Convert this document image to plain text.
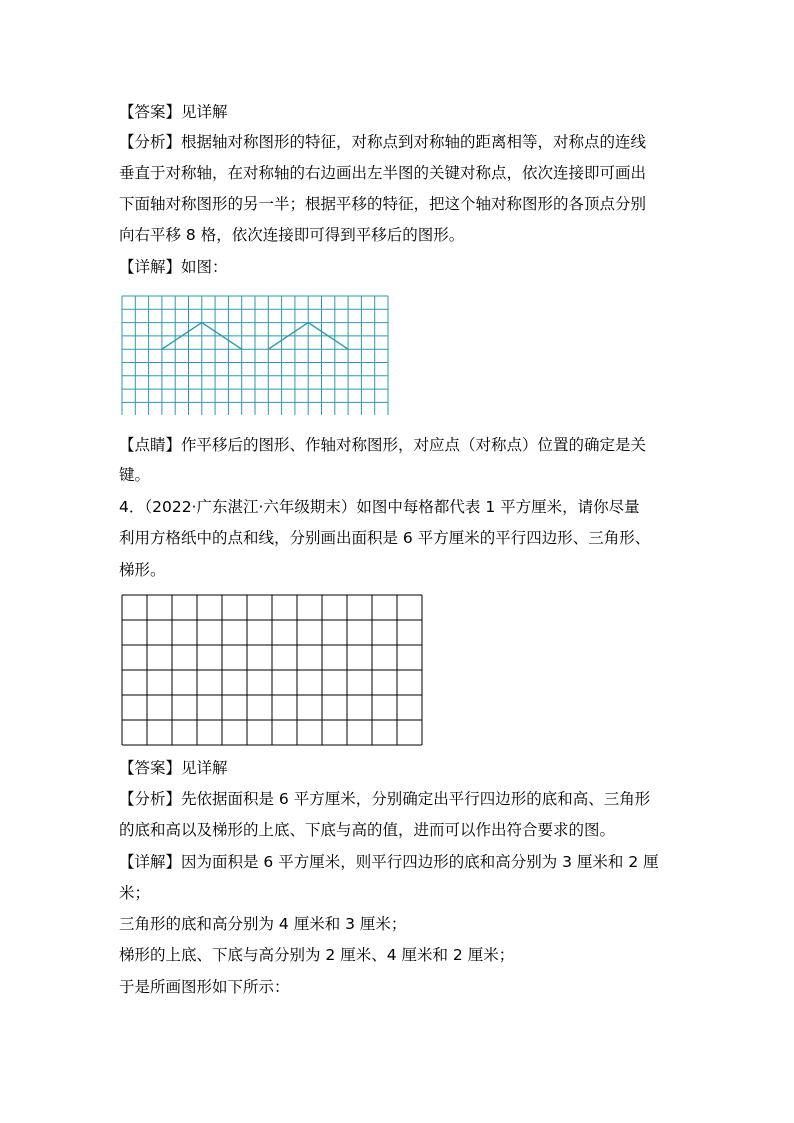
【答案】见详解
【分析】根据轴对称图形的特征，对称点到对称轴的距离相等，对称点的连线
垂直于对称轴，在对称轴的右边画出左半图的关键对称点，依次连接即可画出
下面轴对称图形的另一半；根据平移的特征，把这个轴对称图形的各顶点分别
向右平移 8 格，依次连接即可得到平移后的图形。
【详解】如图：
【点睛】作平移后的图形、作轴对称图形，对应点（对称点）位置的确定是关
键。
4．（2022·广东湛江·六年级期末）如图中每格都代表 1 平方厘米，请你尽量
利用方格纸中的点和线，分别画出面积是 6 平方厘米的平行四边形、三角形、
梯形。
【答案】见详解
【分析】先依据面积是 6 平方厘米，分别确定出平行四边形的底和高、三角形
的底和高以及梯形的上底、下底与高的值，进而可以作出符合要求的图。
【详解】因为面积是 6 平方厘米，则平行四边形的底和高分别为 3 厘米和 2 厘
米；
三角形的底和高分别为 4 厘米和 3 厘米；
梯形的上底、下底与高分别为 2 厘米、4 厘米和 2 厘米；
于是所画图形如下所示：
